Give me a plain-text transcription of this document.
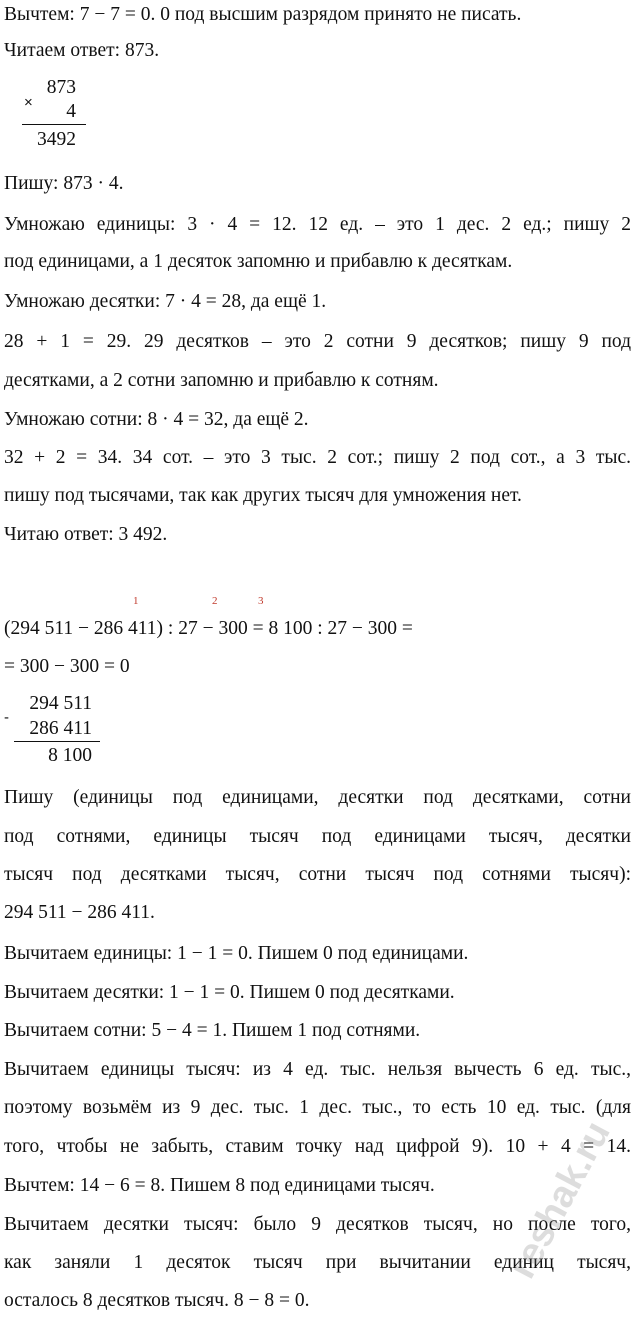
Вычтем: 7 − 7 = 0. 0 под высшим разрядом принято не писать.
Читаем ответ: 873.
×
873
4
3492
Пишу: 873 · 4.
Умножаю единицы: 3 · 4 = 12. 12 ед. – это 1 дес. 2 ед.; пишу 2
под единицами, а 1 десяток запомню и прибавлю к десяткам.
Умножаю десятки: 7 · 4 = 28, да ещё 1.
28 + 1 = 29. 29 десятков – это 2 сотни 9 десятков; пишу 9 под
десятками, а 2 сотни запомню и прибавлю к сотням.
Умножаю сотни: 8 · 4 = 32, да ещё 2.
32 + 2 = 34. 34 сот. – это 3 тыс. 2 сот.; пишу 2 под сот., а 3 тыс.
пишу под тысячами, так как других тысяч для умножения нет.
Читаю ответ: 3 492.
1	2	3
(294 511 − 286 411) : 27 − 300 = 8 100 : 27 − 300 =
= 300 − 300 = 0
-
294 511
286 411
8 100
Пишу (единицы под единицами, десятки под десятками, сотни
под сотнями, единицы тысяч под единицами тысяч, десятки
тысяч под десятками тысяч, сотни тысяч под сотнями тысяч):
294 511 − 286 411.
Вычитаем единицы: 1 − 1 = 0. Пишем 0 под единицами.
Вычитаем десятки: 1 − 1 = 0. Пишем 0 под десятками.
Вычитаем сотни: 5 − 4 = 1. Пишем 1 под сотнями.
Вычитаем единицы тысяч: из 4 ед. тыс. нельзя вычесть 6 ед. тыс.,
поэтому возьмём из 9 дес. тыс. 1 дес. тыс., то есть 10 ед. тыс. (для
того, чтобы не забыть, ставим точку над цифрой 9). 10 + 4 = 14.
Вычтем: 14 − 6 = 8. Пишем 8 под единицами тысяч.
Вычитаем десятки тысяч: было 9 десятков тысяч, но после того,
как заняли 1 десяток тысяч при вычитании единиц тысяч,
осталось 8 десятков тысяч. 8 − 8 = 0.
reshak.ru
